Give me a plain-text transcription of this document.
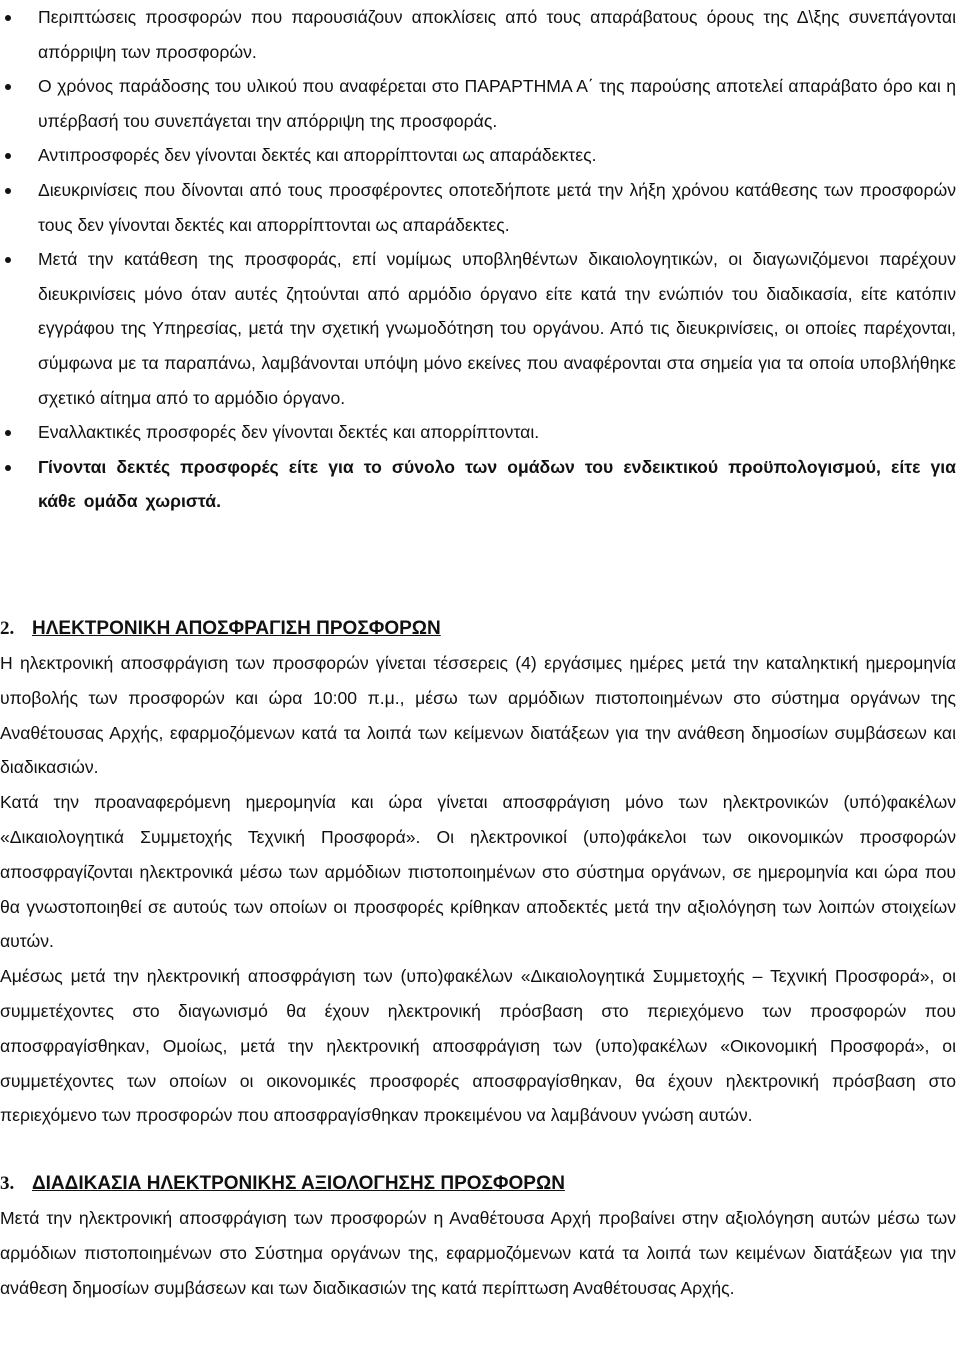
Περιπτώσεις προσφορών που παρουσιάζουν αποκλίσεις από τους απαράβατους όρους της Δ\ξης συνεπάγονται απόρριψη των προσφορών.
Ο χρόνος παράδοσης του υλικού που αναφέρεται στο ΠΑΡΑΡΤΗΜΑ Α΄ της παρούσης αποτελεί απαράβατο όρο και η υπέρβασή του συνεπάγεται την απόρριψη της προσφοράς.
Αντιπροσφορές δεν γίνονται δεκτές και απορρίπτονται ως απαράδεκτες.
Διευκρινίσεις που δίνονται από τους προσφέροντες οποτεδήποτε μετά την λήξη χρόνου κατάθεσης των προσφορών τους δεν γίνονται δεκτές και απορρίπτονται ως απαράδεκτες.
Μετά την κατάθεση της προσφοράς, επί νομίμως υποβληθέντων δικαιολογητικών, οι διαγωνιζόμενοι παρέχουν διευκρινίσεις μόνο όταν αυτές ζητούνται από αρμόδιο όργανο είτε κατά την ενώπιόν του διαδικασία, είτε κατόπιν εγγράφου της Υπηρεσίας, μετά την σχετική γνωμοδότηση του οργάνου. Από τις διευκρινίσεις, οι οποίες παρέχονται, σύμφωνα με τα παραπάνω, λαμβάνονται υπόψη μόνο εκείνες που αναφέρονται στα σημεία για τα οποία υποβλήθηκε σχετικό αίτημα από το αρμόδιο όργανο.
Εναλλακτικές προσφορές δεν γίνονται δεκτές και απορρίπτονται.
Γίνονται δεκτές προσφορές είτε για το σύνολο των ομάδων του ενδεικτικού προϋπολογισμού, είτε για κάθε ομάδα χωριστά.
2. ΗΛΕΚΤΡΟΝΙΚΗ ΑΠΟΣΦΡΑΓΙΣΗ ΠΡΟΣΦΟΡΩΝ

Η ηλεκτρονική αποσφράγιση των προσφορών γίνεται τέσσερεις (4) εργάσιμες ημέρες μετά την καταληκτική ημερομηνία υποβολής των προσφορών και ώρα 10:00 π.μ., μέσω των αρμόδιων πιστοποιημένων στο σύστημα οργάνων της Αναθέτουσας Αρχής, εφαρμοζόμενων κατά τα λοιπά των κείμενων διατάξεων για την ανάθεση δημοσίων συμβάσεων και διαδικασιών.

Κατά την προαναφερόμενη ημερομηνία και ώρα γίνεται αποσφράγιση μόνο των ηλεκτρονικών (υπό)φακέλων «Δικαιολογητικά Συμμετοχής Τεχνική Προσφορά». Οι ηλεκτρονικοί (υπο)φάκελοι των οικονομικών προσφορών αποσφραγίζονται ηλεκτρονικά μέσω των αρμόδιων πιστοποιημένων στο σύστημα οργάνων, σε ημερομηνία και ώρα που θα γνωστοποιηθεί σε αυτούς των οποίων οι προσφορές κρίθηκαν αποδεκτές μετά την αξιολόγηση των λοιπών στοιχείων αυτών.

Αμέσως μετά την ηλεκτρονική αποσφράγιση των (υπο)φακέλων «Δικαιολογητικά Συμμετοχής – Τεχνική Προσφορά», οι συμμετέχοντες στο διαγωνισμό θα έχουν ηλεκτρονική πρόσβαση στο περιεχόμενο των προσφορών που αποσφραγίσθηκαν, Ομοίως, μετά την ηλεκτρονική αποσφράγιση των (υπο)φακέλων «Οικονομική Προσφορά», οι συμμετέχοντες των οποίων οι οικονομικές προσφορές αποσφραγίσθηκαν, θα έχουν ηλεκτρονική πρόσβαση στο περιεχόμενο των προσφορών που αποσφραγίσθηκαν προκειμένου να λαμβάνουν γνώση αυτών.

3. ΔΙΑΔΙΚΑΣΙΑ ΗΛΕΚΤΡΟΝΙΚΗΣ ΑΞΙΟΛΟΓΗΣΗΣ ΠΡΟΣΦΟΡΩΝ

Μετά την ηλεκτρονική αποσφράγιση των προσφορών η Αναθέτουσα Αρχή προβαίνει στην αξιολόγηση αυτών μέσω των αρμόδιων πιστοποιημένων στο Σύστημα οργάνων της, εφαρμοζόμενων κατά τα λοιπά των κειμένων διατάξεων για την ανάθεση δημοσίων συμβάσεων και των διαδικασιών της κατά περίπτωση Αναθέτουσας Αρχής.
